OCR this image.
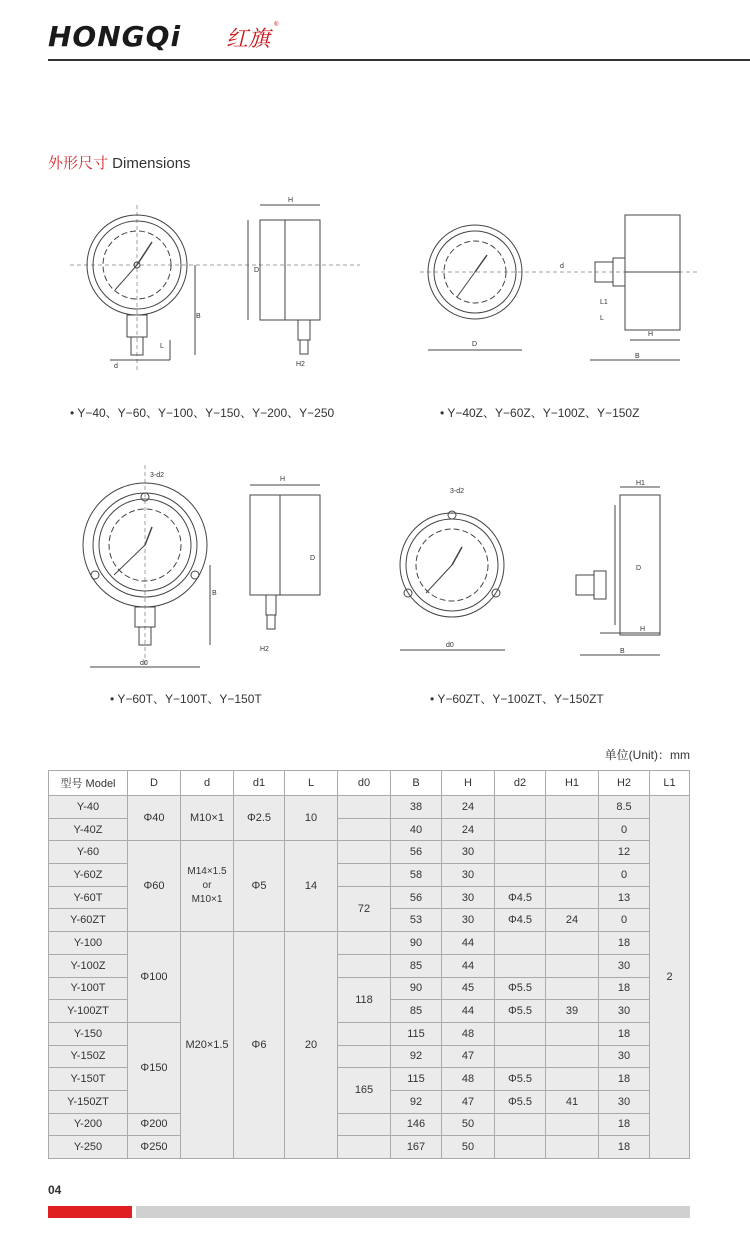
HONGQi 红旗
®
外形尺寸 Dimensions
H
D
B
L
d	H2
D
B
H
L
L1
d
3-d2
H
D
B
d0
H2
3-d2
H1
D
B
H
d0
• Y−40、Y−60、Y−100、Y−150、Y−200、Y−250	• Y−40Z、Y−60Z、Y−100Z、Y−150Z
• Y−60T、Y−100T、Y−150T	• Y−60ZT、Y−100ZT、Y−150ZT
单位(Unit)：mm
型号 Model	D	d	d1	L	d0	B	H	d2	H1	H2	L1
Y-40	Φ40	M10×1	Φ2.5	10		38	24			8.5	2
Y-40Z						40	24			0	
Y-60	Φ60	M14×1.5
or
M10×1	Φ5	14		56	30			12	
Y-60Z						58	30			0	
Y-60T					72	56	30	Φ4.5		13	
Y-60ZT						53	30	Φ4.5	24	0	
Y-100	Φ100	M20×1.5	Φ6	20		90	44			18	
Y-100Z						85	44			30	
Y-100T					118	90	45	Φ5.5		18	
Y-100ZT						85	44	Φ5.5	39	30	
Y-150	Φ150					115	48			18	
Y-150Z						92	47			30	
Y-150T					165	115	48	Φ5.5		18	
Y-150ZT						92	47	Φ5.5	41	30	
Y-200	Φ200					146	50			18	
Y-250	Φ250					167	50			18	
04
